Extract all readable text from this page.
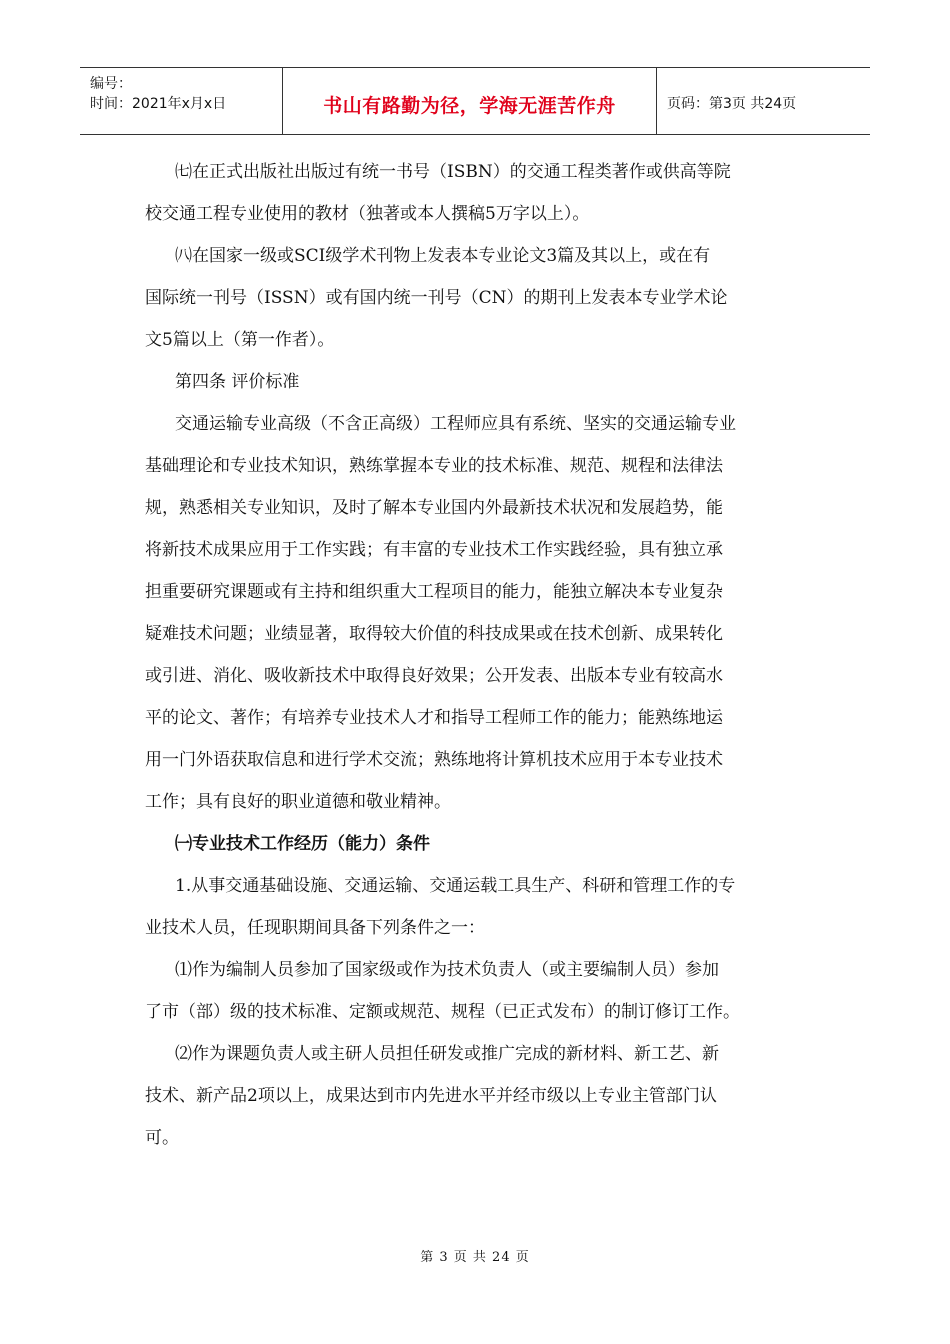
编号：
时间：2021年x月x日	书山有路勤为径，学海无涯苦作舟	页码：第3页 共24页
㈦在正式出版社出版过有统一书号（ISBN）的交通工程类著作或供高等院
校交通工程专业使用的教材（独著或本人撰稿5万字以上）。
㈧在国家一级或SCI级学术刊物上发表本专业论文3篇及其以上，或在有
国际统一刊号（ISSN）或有国内统一刊号（CN）的期刊上发表本专业学术论
文5篇以上（第一作者）。
第四条 评价标准
交通运输专业高级（不含正高级）工程师应具有系统、坚实的交通运输专业
基础理论和专业技术知识，熟练掌握本专业的技术标准、规范、规程和法律法
规，熟悉相关专业知识，及时了解本专业国内外最新技术状况和发展趋势，能
将新技术成果应用于工作实践；有丰富的专业技术工作实践经验，具有独立承
担重要研究课题或有主持和组织重大工程项目的能力，能独立解决本专业复杂
疑难技术问题；业绩显著，取得较大价值的科技成果或在技术创新、成果转化
或引进、消化、吸收新技术中取得良好效果；公开发表、出版本专业有较高水
平的论文、著作；有培养专业技术人才和指导工程师工作的能力；能熟练地运
用一门外语获取信息和进行学术交流；熟练地将计算机技术应用于本专业技术
工作；具有良好的职业道德和敬业精神。
㈠专业技术工作经历（能力）条件
1.从事交通基础设施、交通运输、交通运载工具生产、科研和管理工作的专
业技术人员，任现职期间具备下列条件之一：
⑴作为编制人员参加了国家级或作为技术负责人（或主要编制人员）参加
了市（部）级的技术标准、定额或规范、规程（已正式发布）的制订修订工作。
⑵作为课题负责人或主研人员担任研发或推广完成的新材料、新工艺、新
技术、新产品2项以上，成果达到市内先进水平并经市级以上专业主管部门认
可。
第 3 页 共 24 页
